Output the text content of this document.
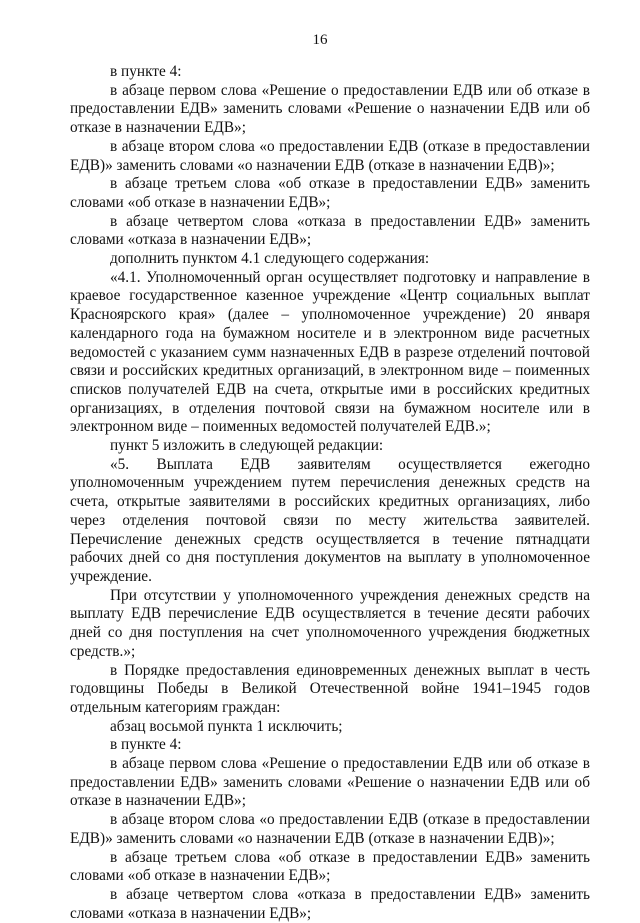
16

в пункте 4:

в абзаце первом слова «Решение о предоставлении ЕДВ или об отказе в предоставлении ЕДВ» заменить словами «Решение о назначении ЕДВ или об отказе в назначении ЕДВ»;

в абзаце втором слова «о предоставлении ЕДВ (отказе в предоставлении ЕДВ)» заменить словами «о назначении ЕДВ (отказе в назначении ЕДВ)»;

в абзаце третьем слова «об отказе в предоставлении ЕДВ» заменить словами «об отказе в назначении ЕДВ»;

в абзаце четвертом слова «отказа в предоставлении ЕДВ» заменить словами «отказа в назначении ЕДВ»;

дополнить пунктом 4.1 следующего содержания:

«4.1. Уполномоченный орган осуществляет подготовку и направление в краевое государственное казенное учреждение «Центр социальных выплат Красноярского края» (далее – уполномоченное учреждение) 20 января календарного года на бумажном носителе и в электронном виде расчетных ведомостей с указанием сумм назначенных ЕДВ в разрезе отделений почтовой связи и российских кредитных организаций, в электронном виде – поименных списков получателей ЕДВ на счета, открытые ими в российских кредитных организациях, в отделения почтовой связи на бумажном носителе или в электронном виде – поименных ведомостей получателей ЕДВ.»;

пункт 5 изложить в следующей редакции:

«5. Выплата ЕДВ заявителям осуществляется ежегодно уполномоченным учреждением путем перечисления денежных средств на счета, открытые заявителями в российских кредитных организациях, либо через отделения почтовой связи по месту жительства заявителей. Перечисление денежных средств осуществляется в течение пятнадцати рабочих дней со дня поступления документов на выплату в уполномоченное учреждение.

При отсутствии у уполномоченного учреждения денежных средств на выплату ЕДВ перечисление ЕДВ осуществляется в течение десяти рабочих дней со дня поступления на счет уполномоченного учреждения бюджетных средств.»;

в Порядке предоставления единовременных денежных выплат в честь годовщины Победы в Великой Отечественной войне 1941–1945 годов отдельным категориям граждан:

абзац восьмой пункта 1 исключить;

в пункте 4:

в абзаце первом слова «Решение о предоставлении ЕДВ или об отказе в предоставлении ЕДВ» заменить словами «Решение о назначении ЕДВ или об отказе в назначении ЕДВ»;

в абзаце втором слова «о предоставлении ЕДВ (отказе в предоставлении ЕДВ)» заменить словами «о назначении ЕДВ (отказе в назначении ЕДВ)»;

в абзаце третьем слова «об отказе в предоставлении ЕДВ» заменить словами «об отказе в назначении ЕДВ»;

в абзаце четвертом слова «отказа в предоставлении ЕДВ» заменить словами «отказа в назначении ЕДВ»;
